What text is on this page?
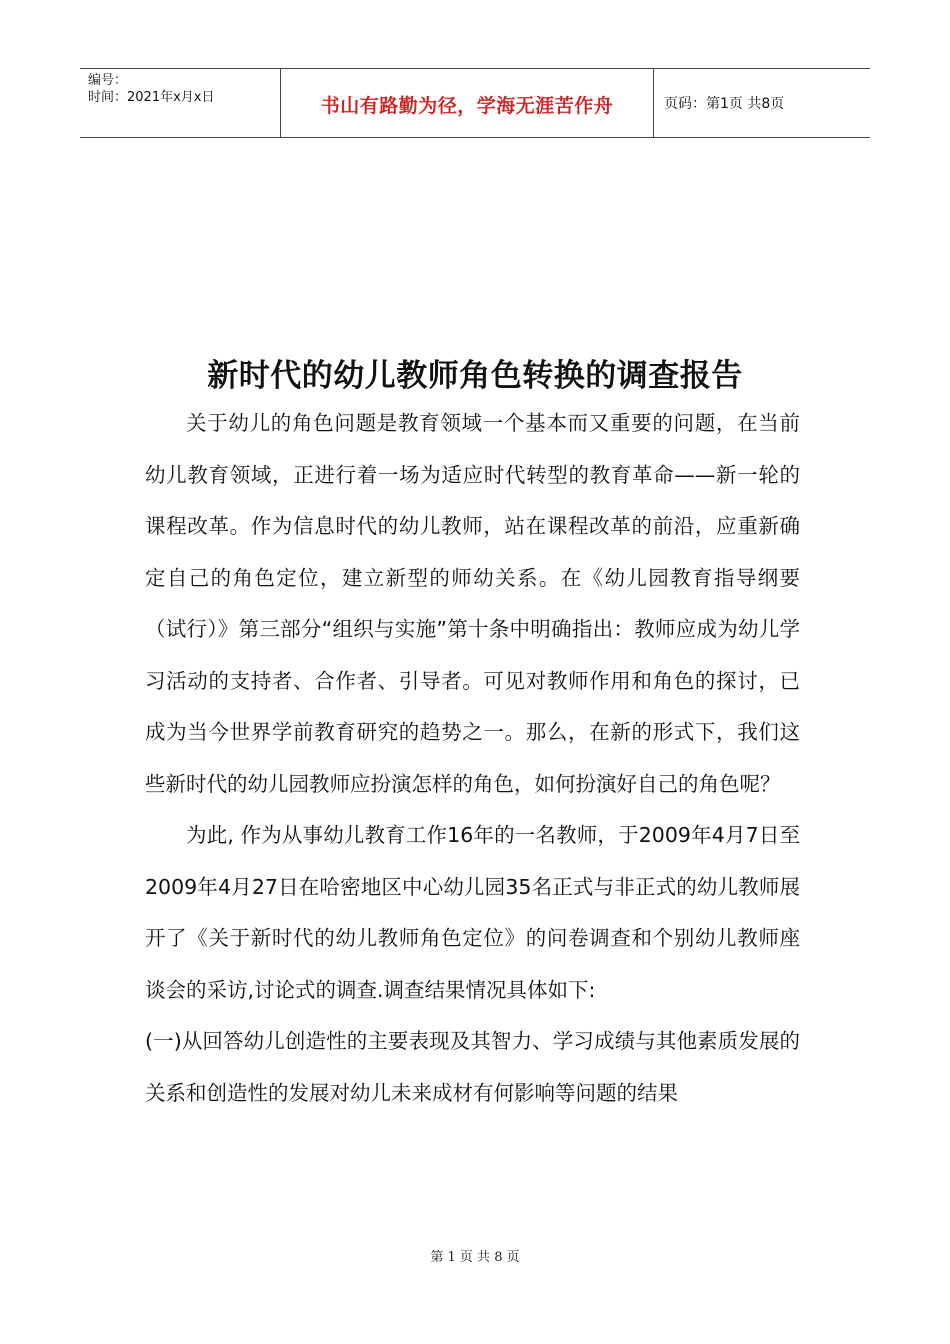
编号：
时间：2021年x月x日	书山有路勤为径，学海无涯苦作舟	页码：第1页 共8页
新时代的幼儿教师角色转换的调查报告

关于幼儿的角色问题是教育领域一个基本而又重要的问题，在当前幼儿教育领域，正进行着一场为适应时代转型的教育革命——新一轮的课程改革。作为信息时代的幼儿教师，站在课程改革的前沿，应重新确定自己的角色定位，建立新型的师幼关系。在《幼儿园教育指导纲要（试行）》第三部分“组织与实施”第十条中明确指出：教师应成为幼儿学习活动的支持者、合作者、引导者。可见对教师作用和角色的探讨，已成为当今世界学前教育研究的趋势之一。那么，在新的形式下，我们这些新时代的幼儿园教师应扮演怎样的角色，如何扮演好自己的角色呢？

为此, 作为从事幼儿教育工作16年的一名教师，于2009年4月7日至2009年4月27日在哈密地区中心幼儿园35名正式与非正式的幼儿教师展开了《关于新时代的幼儿教师角色定位》的问卷调查和个别幼儿教师座谈会的采访,讨论式的调查.调查结果情况具体如下:

(一)从回答幼儿创造性的主要表现及其智力、学习成绩与其他素质发展的关系和创造性的发展对幼儿未来成材有何影响等问题的结果

第 1 页 共 8 页
